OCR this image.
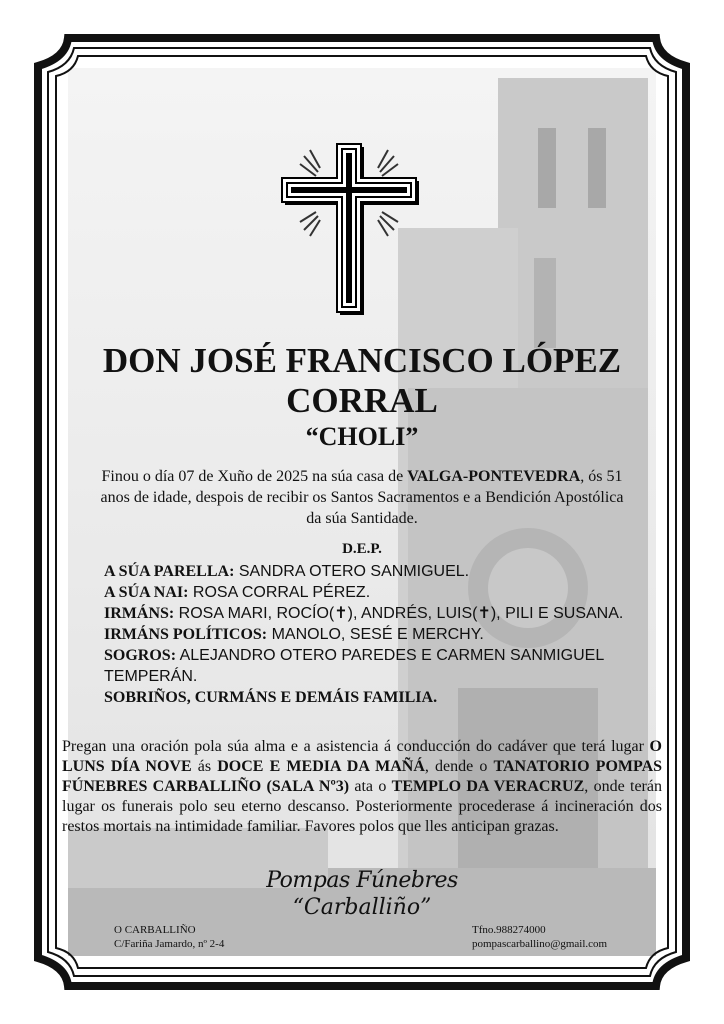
DON JOSÉ FRANCISCO LÓPEZ
CORRAL
“CHOLI”
Finou o día 07 de Xuño de 2025 na súa casa de VALGA-PONTEVEDRA, ós 51 anos de idade, despois de recibir os Santos Sacramentos e a Bendición Apostólica da súa Santidade.
D.E.P.
A SÚA PARELLA: SANDRA OTERO SANMIGUEL.
A SÚA NAI: ROSA CORRAL PÉREZ.
IRMÁNS: ROSA MARI, ROCÍO(✝), ANDRÉS, LUIS(✝), PILI E SUSANA.
IRMÁNS POLÍTICOS: MANOLO, SESÉ E MERCHY.
SOGROS: ALEJANDRO OTERO PAREDES E CARMEN SANMIGUEL TEMPERÁN.
SOBRIÑOS, CURMÁNS E DEMÁIS FAMILIA.
Pregan una oración pola súa alma e a asistencia á conducción do cadáver que terá lugar O LUNS DÍA NOVE ás DOCE E MEDIA DA MAÑÁ, dende o TANATORIO POMPAS FÚNEBRES CARBALLIÑO (SALA Nº3) ata o TEMPLO DA VERACRUZ, onde terán lugar os funerais polo seu eterno descanso. Posteriormente procederase á incineración dos restos mortais na intimidade familiar. Favores polos que lles anticipan grazas.
Pompas Fúnebres
“Carballiño”
O CARBALLIÑO
C/Fariña Jamardo, nº 2-4
Tfno.988274000
pompascarballino@gmail.com
